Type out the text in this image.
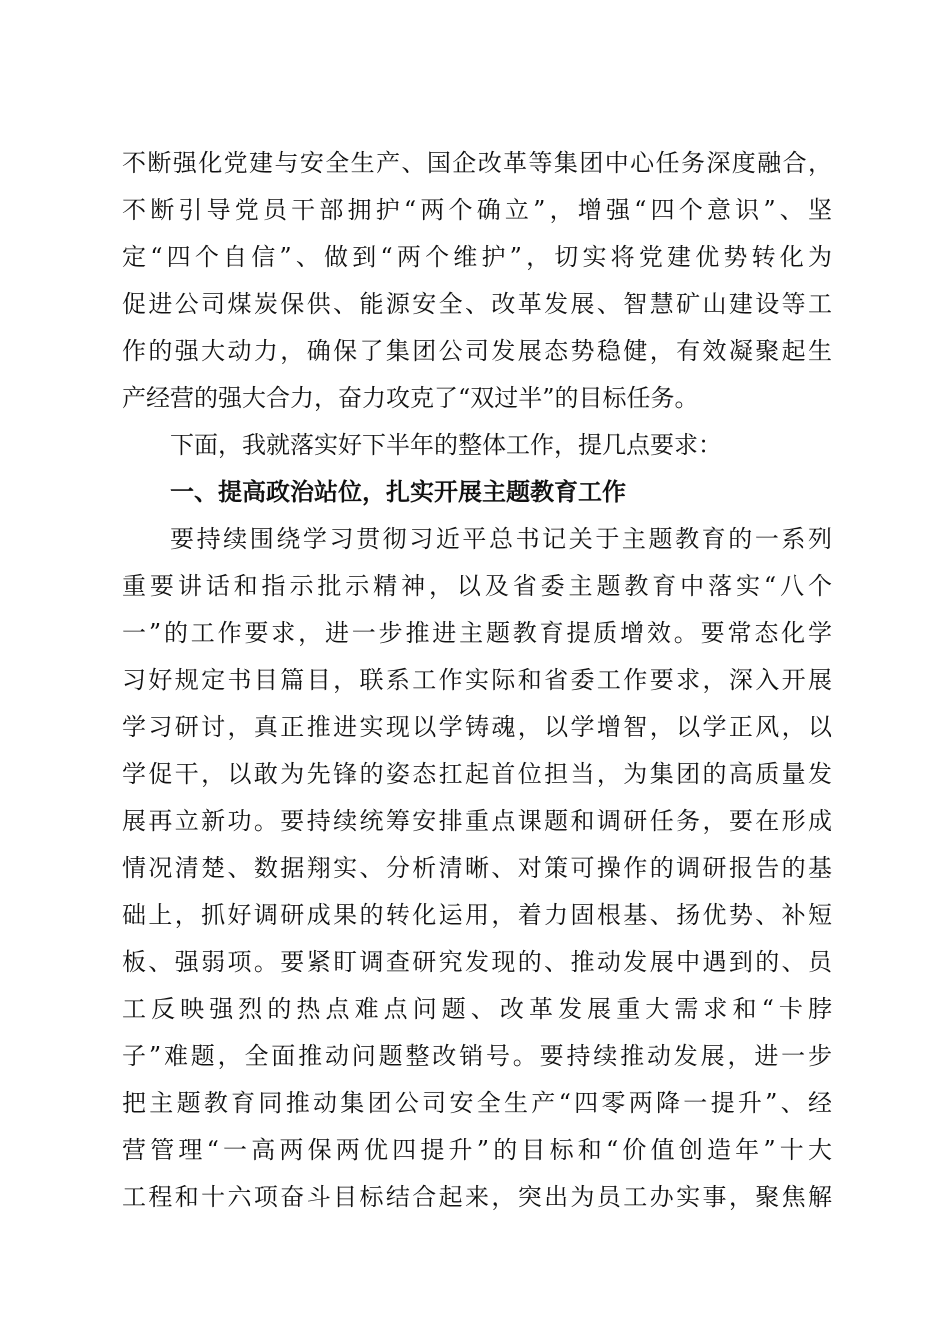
不断强化党建与安全生产、国企改革等集团中心任务深度融合，
不断引导党员干部拥护“两个确立”，增强“四个意识”、坚
定“四个自信”、做到“两个维护”，切实将党建优势转化为
促进公司煤炭保供、能源安全、改革发展、智慧矿山建设等工
作的强大动力，确保了集团公司发展态势稳健，有效凝聚起生
产经营的强大合力，奋力攻克了“双过半”的目标任务。
下面，我就落实好下半年的整体工作，提几点要求：
一、提高政治站位，扎实开展主题教育工作
要持续围绕学习贯彻习近平总书记关于主题教育的一系列
重要讲话和指示批示精神，以及省委主题教育中落实“八个
一”的工作要求，进一步推进主题教育提质增效。要常态化学
习好规定书目篇目，联系工作实际和省委工作要求，深入开展
学习研讨，真正推进实现以学铸魂，以学增智，以学正风，以
学促干，以敢为先锋的姿态扛起首位担当，为集团的高质量发
展再立新功。要持续统筹安排重点课题和调研任务，要在形成
情况清楚、数据翔实、分析清晰、对策可操作的调研报告的基
础上，抓好调研成果的转化运用，着力固根基、扬优势、补短
板、强弱项。要紧盯调查研究发现的、推动发展中遇到的、员
工反映强烈的热点难点问题、改革发展重大需求和“卡脖
子”难题，全面推动问题整改销号。要持续推动发展，进一步
把主题教育同推动集团公司安全生产“四零两降一提升”、经
营管理“一高两保两优四提升”的目标和“价值创造年”十大
工程和十六项奋斗目标结合起来，突出为员工办实事，聚焦解
